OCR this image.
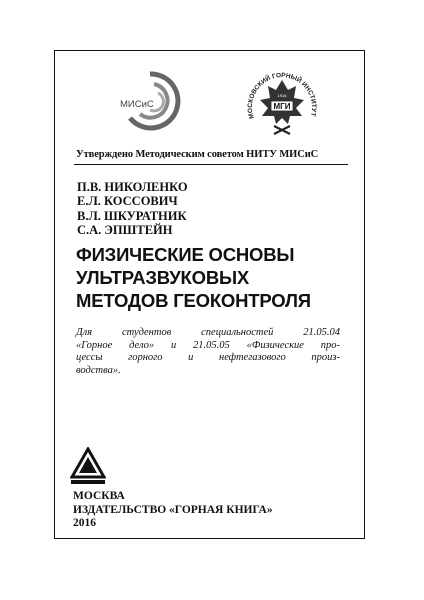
МИСиС
МОСКОВСКИЙ ГОРНЫЙ ИНСТИТУТ
МГИ
1918
Утверждено Методическим советом НИТУ МИСиС
П.В. НИКОЛЕНКО
Е.Л. КОССОВИЧ
В.Л. ШКУРАТНИК
С.А. ЭПШТЕЙН
ФИЗИЧЕСКИЕ ОСНОВЫ
УЛЬТРАЗВУКОВЫХ
МЕТОДОВ ГЕОКОНТРОЛЯ
Для студентов специальностей 21.05.04
«Горное дело» и 21.05.05 «Физические про-
цессы горного и нефтегазового произ-
водства».
МОСКВА
ИЗДАТЕЛЬСТВО «ГОРНАЯ КНИГА»
2016
